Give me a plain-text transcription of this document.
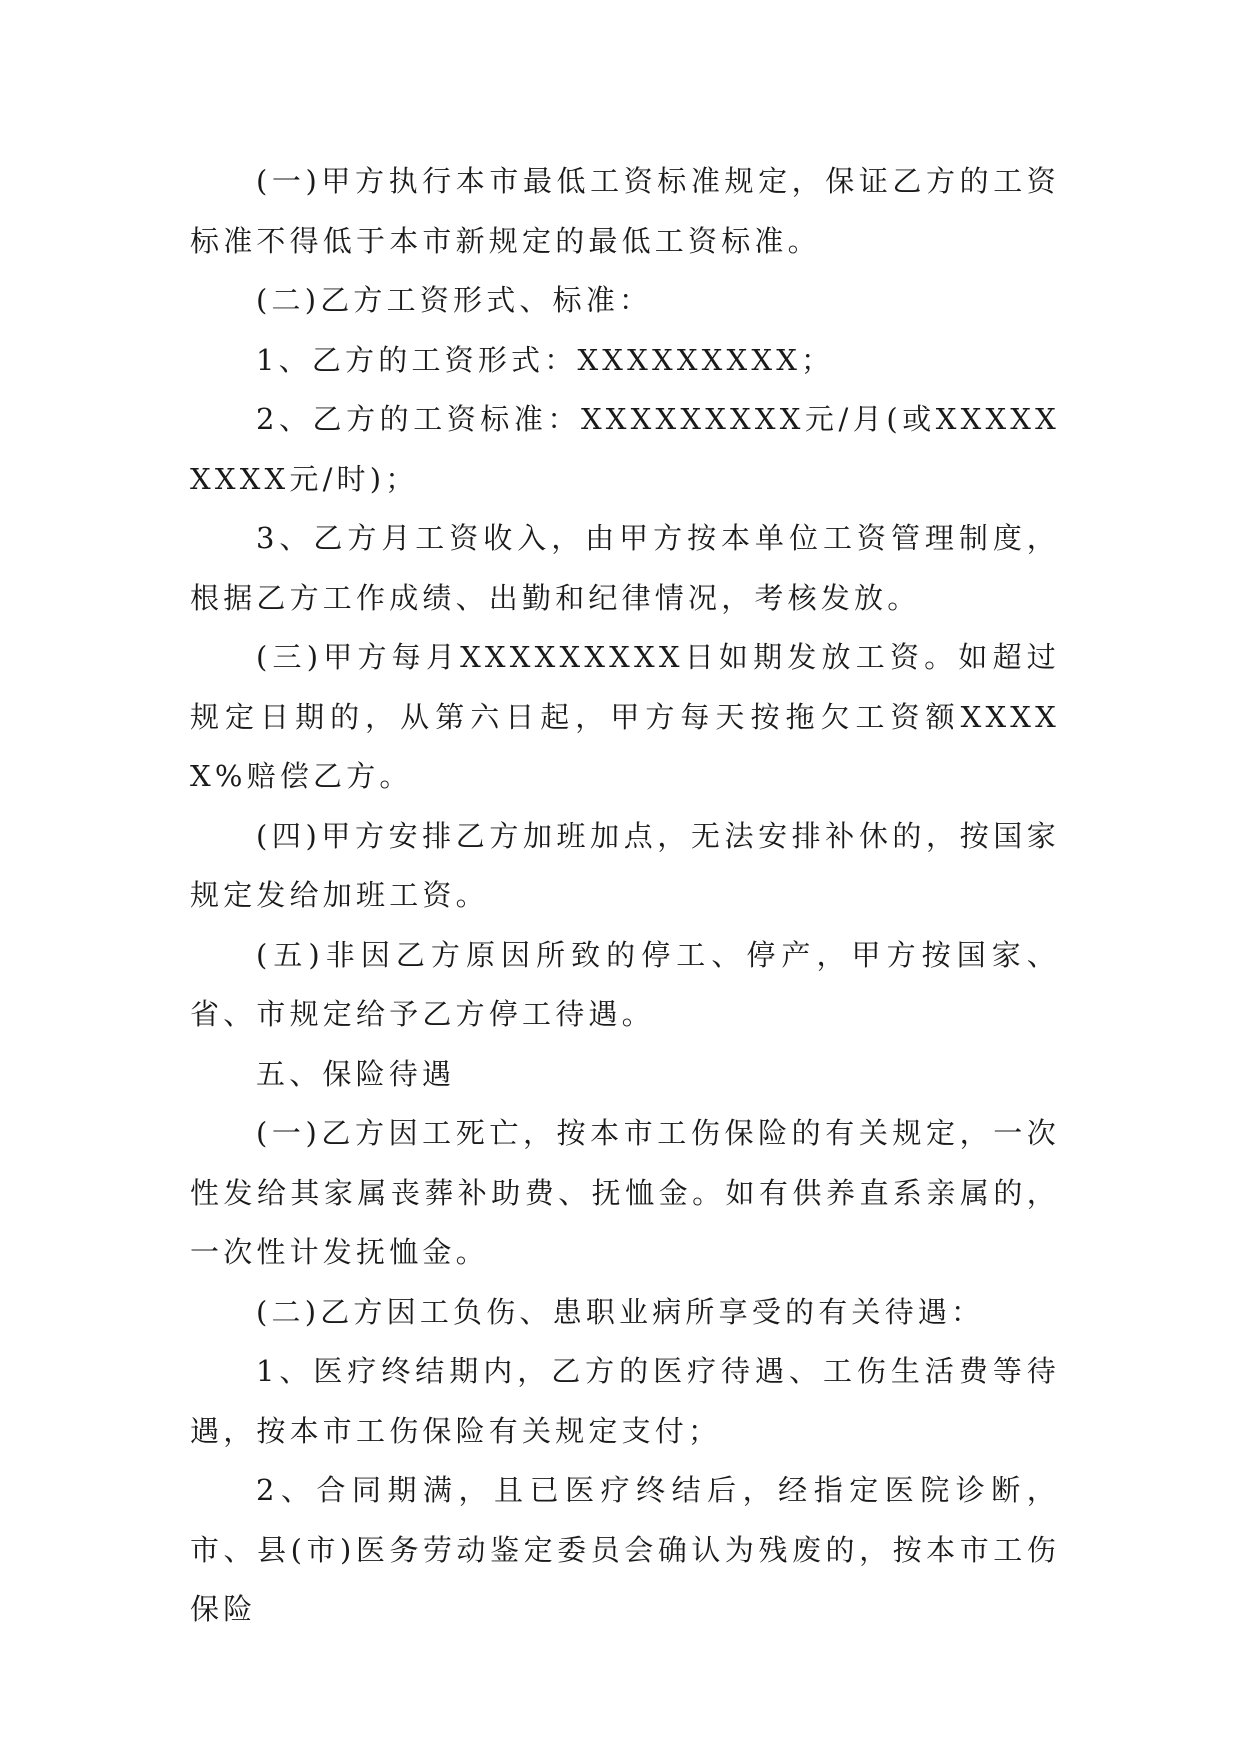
(一)甲方执行本市最低工资标准规定，保证乙方的工资标准不得低于本市新规定的最低工资标准。

(二)乙方工资形式、标准：

1、乙方的工资形式：XXXXXXXXX；

2、乙方的工资标准：XXXXXXXXX元/月(或XXXXXXXXX元/时)；

3、乙方月工资收入，由甲方按本单位工资管理制度，根据乙方工作成绩、出勤和纪律情况，考核发放。

(三)甲方每月XXXXXXXXX日如期发放工资。如超过规定日期的，从第六日起，甲方每天按拖欠工资额XXXXX%赔偿乙方。

(四)甲方安排乙方加班加点，无法安排补休的，按国家规定发给加班工资。

(五)非因乙方原因所致的停工、停产，甲方按国家、省、市规定给予乙方停工待遇。

五、保险待遇

(一)乙方因工死亡，按本市工伤保险的有关规定，一次性发给其家属丧葬补助费、抚恤金。如有供养直系亲属的，一次性计发抚恤金。

(二)乙方因工负伤、患职业病所享受的有关待遇：

1、医疗终结期内，乙方的医疗待遇、工伤生活费等待遇，按本市工伤保险有关规定支付；

2、合同期满，且已医疗终结后，经指定医院诊断，市、县(市)医务劳动鉴定委员会确认为残废的，按本市工伤保险
